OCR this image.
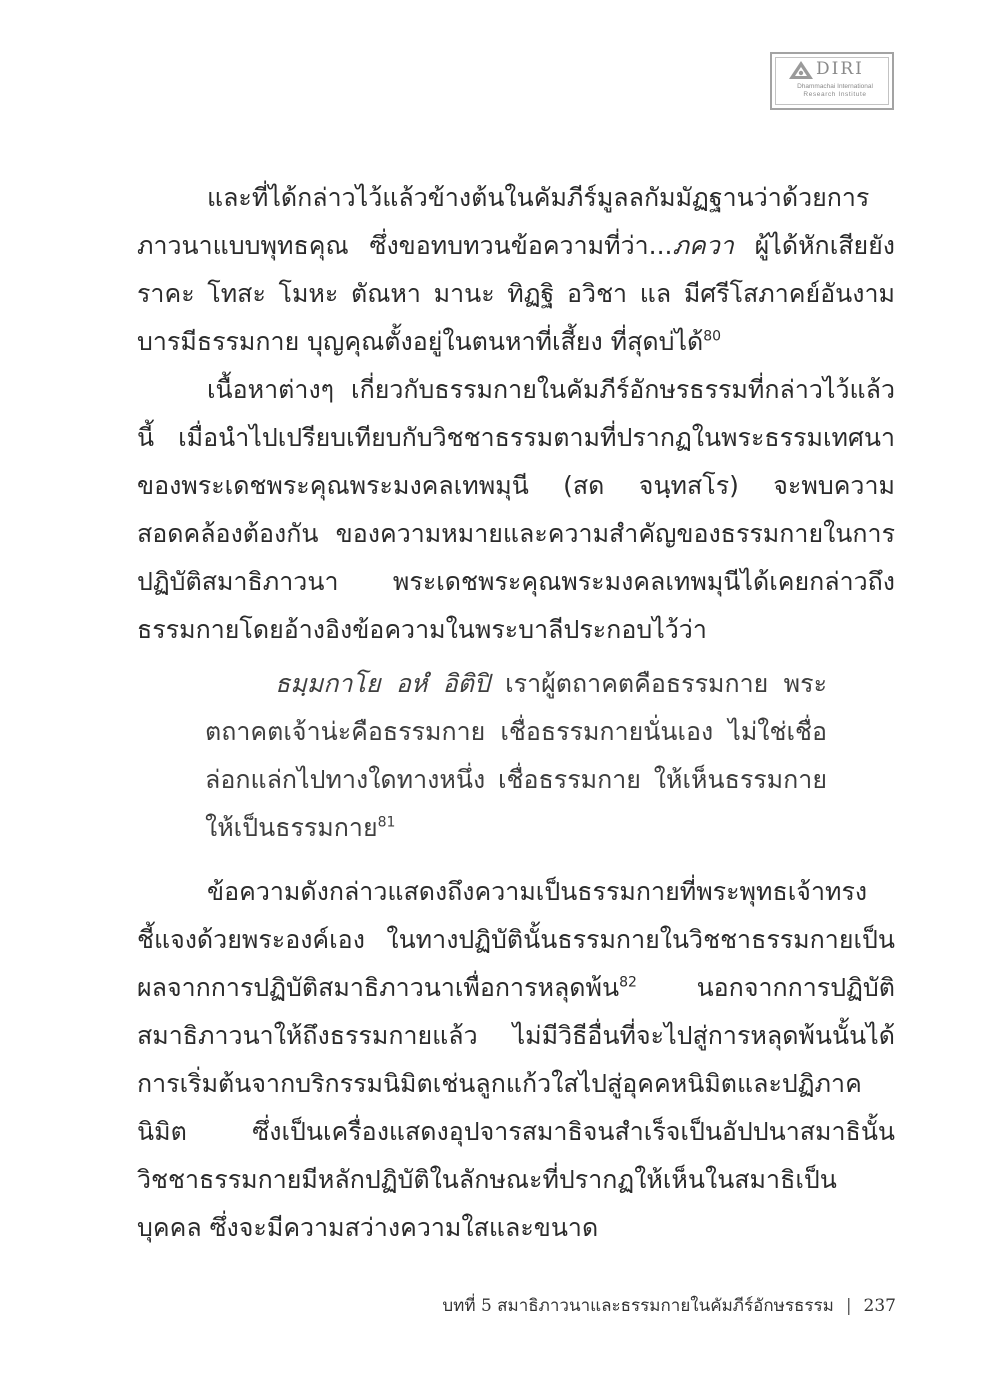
DIRI
Dhammachai International
Research Institute

และที่ได้กล่าวไว้แล้วข้างต้นในคัมภีร์มูลลกัมมัฏฐานว่าด้วยการภาวนาแบบพุทธคุณ ซึ่งขอทบทวนข้อความที่ว่า...ภควา ผู้ได้หักเสียยังราคะ โทสะ โมหะ ตัณหา มานะ ทิฏฐิ อวิชา แล มีศรีโสภาคย์อันงาม บารมีธรรมกาย บุญคุณตั้งอยู่ในตนหาที่เสี้ยง ที่สุดบ่ได้$^{80}$

เนื้อหาต่างๆ เกี่ยวกับธรรมกายในคัมภีร์อักษรธรรมที่กล่าวไว้แล้วนี้ เมื่อนำไปเปรียบเทียบกับวิชชาธรรมตามที่ปรากฏในพระธรรมเทศนาของพระเดชพระคุณพระมงคลเทพมุนี (สด จนฺทสโร) จะพบความสอดคล้องต้องกัน ของความหมายและความสำคัญของธรรมกายในการปฏิบัติสมาธิภาวนา พระเดชพระคุณพระมงคลเทพมุนีได้เคยกล่าวถึงธรรมกายโดยอ้างอิงข้อความในพระบาลีประกอบไว้ว่า

ธมฺมกาโย อหํ อิติปิ เราผู้ตถาคตคือธรรมกาย พระตถาคตเจ้าน่ะคือธรรมกาย เชื่อธรรมกายนั่นเอง ไม่ใช่เชื่อล่อกแล่กไปทางใดทางหนึ่ง เชื่อธรรมกาย ให้เห็นธรรมกาย ให้เป็นธรรมกาย$^{81}$

ข้อความดังกล่าวแสดงถึงความเป็นธรรมกายที่พระพุทธเจ้าทรงชี้แจงด้วยพระองค์เอง ในทางปฏิบัตินั้นธรรมกายในวิชชาธรรมกายเป็นผลจากการปฏิบัติสมาธิภาวนาเพื่อการหลุดพ้น$^{82}$ นอกจากการปฏิบัติสมาธิภาวนาให้ถึงธรรมกายแล้ว ไม่มีวิธีอื่นที่จะไปสู่การหลุดพ้นนั้นได้ การเริ่มต้นจากบริกรรมนิมิตเช่นลูกแก้วใสไปสู่อุคคหนิมิตและปฏิภาคนิมิต ซึ่งเป็นเครื่องแสดงอุปจารสมาธิจนสำเร็จเป็นอัปปนาสมาธินั้น วิชชาธรรมกายมีหลักปฏิบัติในลักษณะที่ปรากฏให้เห็นในสมาธิเป็นบุคคล ซึ่งจะมีความสว่างความใสและขนาด

บทที่ 5 สมาธิภาวนาและธรรมกายในคัมภีร์อักษรธรรม | 237
